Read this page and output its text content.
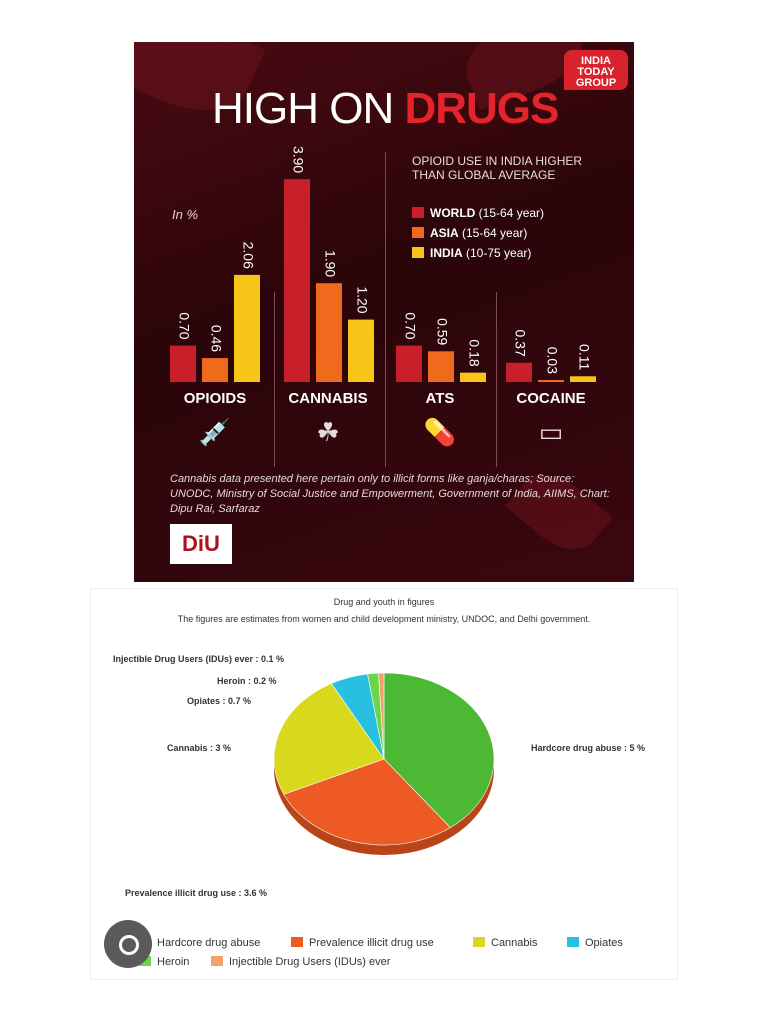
INDIA
TODAY
GROUP
HIGH ON DRUGS
OPIOID USE IN INDIA HIGHER THAN GLOBAL AVERAGE
WORLD (15-64 year)
ASIA (15-64 year)
INDIA (10-75 year)
In %
0.70 0.46
2.06
3.90
1.90
1.20
0.70 0.59
0.18 0.37
0.03 0.11
OPIOIDS	CANNABIS	ATS	COCAINE
💉	☘	💊	▭
Cannabis data presented here pertain only to illicit forms like ganja/charas; Source: UNODC, Ministry of Social Justice and Empowerment, Government of India, AIIMS, Chart: Dipu Rai, Sarfaraz
DiU
Drug and youth in figures
The figures are estimates from women and child development ministry, UNDOC, and Delhi government.
Injectible Drug Users (IDUs) ever : 0.1 %
Heroin : 0.2 %
Opiates : 0.7 %
Cannabis : 3 %	Hardcore drug abuse : 5 %
Prevalence illicit drug use : 3.6 %
Hardcore drug abuse	Prevalence illicit drug use	Cannabis	Opiates
Heroin	Injectible Drug Users (IDUs) ever
